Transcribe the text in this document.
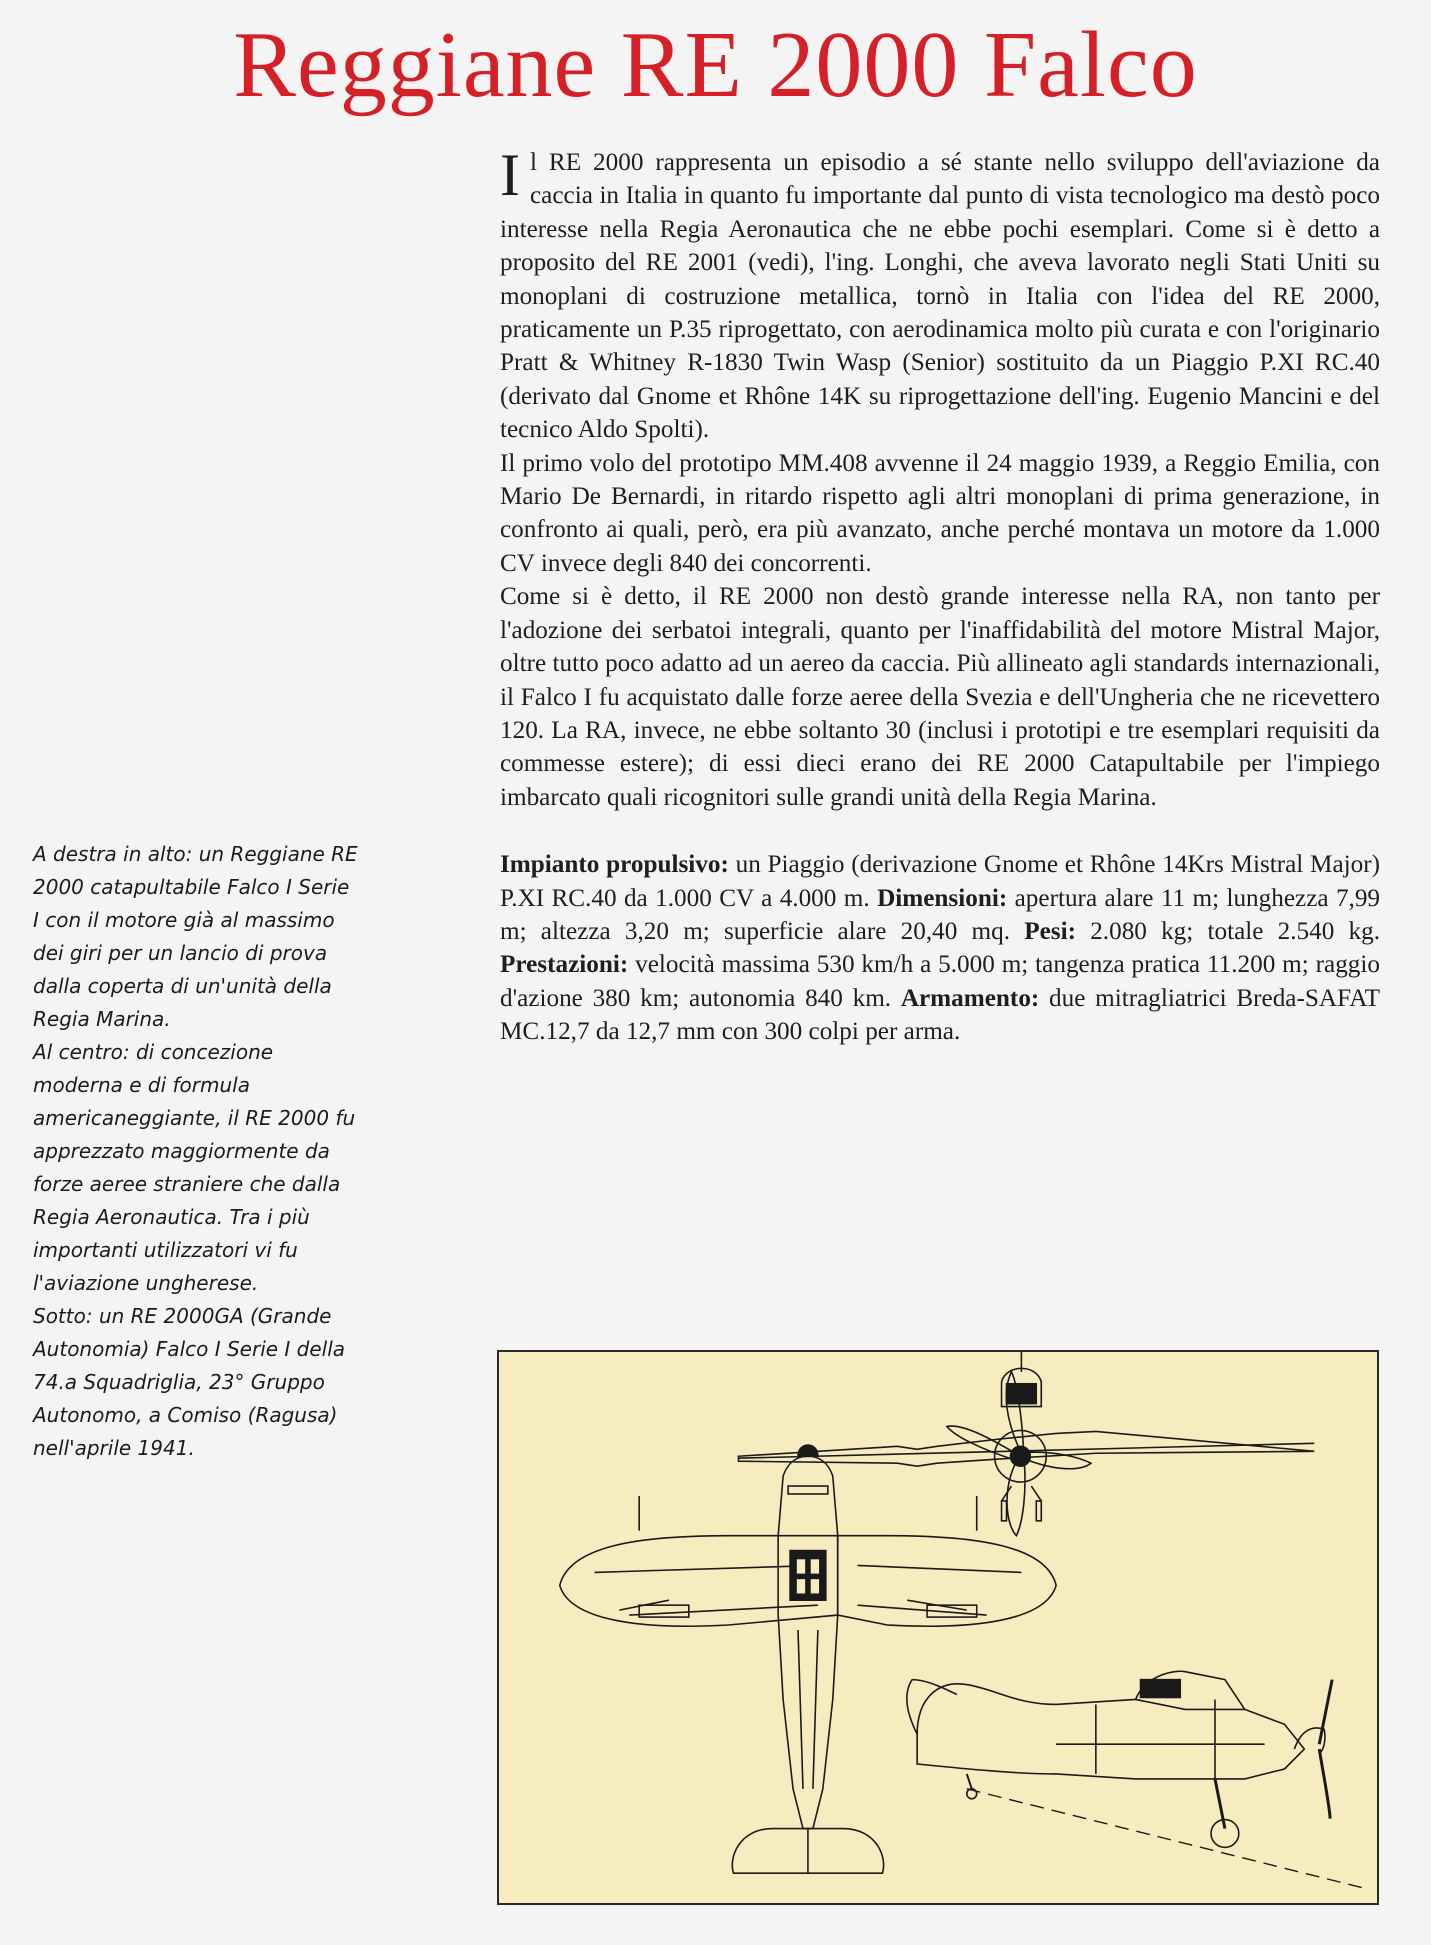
Reggiane RE 2000 Falco

A destra in alto: un Reggiane RE 2000 catapultabile Falco I Serie I con il motore già al massimo dei giri per un lancio di prova dalla coperta di un'unità della Regia Marina.

Al centro: di concezione moderna e di formula americaneggiante, il RE 2000 fu apprezzato maggiormente da forze aeree straniere che dalla Regia Aeronautica. Tra i più importanti utilizzatori vi fu l'aviazione ungherese.

Sotto: un RE 2000GA (Grande Autonomia) Falco I Serie I della 74.a Squadriglia, 23° Gruppo Autonomo, a Comiso (Ragusa) nell'aprile 1941.

Il RE 2000 rappresenta un episodio a sé stante nello sviluppo dell'aviazione da caccia in Italia in quanto fu importante dal punto di vista tecnologico ma destò poco interesse nella Regia Aeronautica che ne ebbe pochi esemplari. Come si è detto a proposito del RE 2001 (vedi), l'ing. Longhi, che aveva lavorato negli Stati Uniti su monoplani di costruzione metallica, tornò in Italia con l'idea del RE 2000, praticamente un P.35 riprogettato, con aerodinamica molto più curata e con l'originario Pratt & Whitney R-1830 Twin Wasp (Senior) sostituito da un Piaggio P.XI RC.40 (derivato dal Gnome et Rhône 14K su riprogettazione dell'ing. Eugenio Mancini e del tecnico Aldo Spolti).

Il primo volo del prototipo MM.408 avvenne il 24 maggio 1939, a Reggio Emilia, con Mario De Bernardi, in ritardo rispetto agli altri monoplani di prima generazione, in confronto ai quali, però, era più avanzato, anche perché montava un motore da 1.000 CV invece degli 840 dei concorrenti.

Come si è detto, il RE 2000 non destò grande interesse nella RA, non tanto per l'adozione dei serbatoi integrali, quanto per l'inaffidabilità del motore Mistral Major, oltre tutto poco adatto ad un aereo da caccia. Più allineato agli standards internazionali, il Falco I fu acquistato dalle forze aeree della Svezia e dell'Ungheria che ne ricevettero 120. La RA, invece, ne ebbe soltanto 30 (inclusi i prototipi e tre esemplari requisiti da commesse estere); di essi dieci erano dei RE 2000 Catapultabile per l'impiego imbarcato quali ricognitori sulle grandi unità della Regia Marina.

Impianto propulsivo: un Piaggio (derivazione Gnome et Rhône 14Krs Mistral Major) P.XI RC.40 da 1.000 CV a 4.000 m. Dimensioni: apertura alare 11 m; lunghezza 7,99 m; altezza 3,20 m; superficie alare 20,40 mq. Pesi: 2.080 kg; totale 2.540 kg. Prestazioni: velocità massima 530 km/h a 5.000 m; tangenza pratica 11.200 m; raggio d'azione 380 km; autonomia 840 km. Armamento: due mitragliatrici Breda-SAFAT MC.12,7 da 12,7 mm con 300 colpi per arma.
